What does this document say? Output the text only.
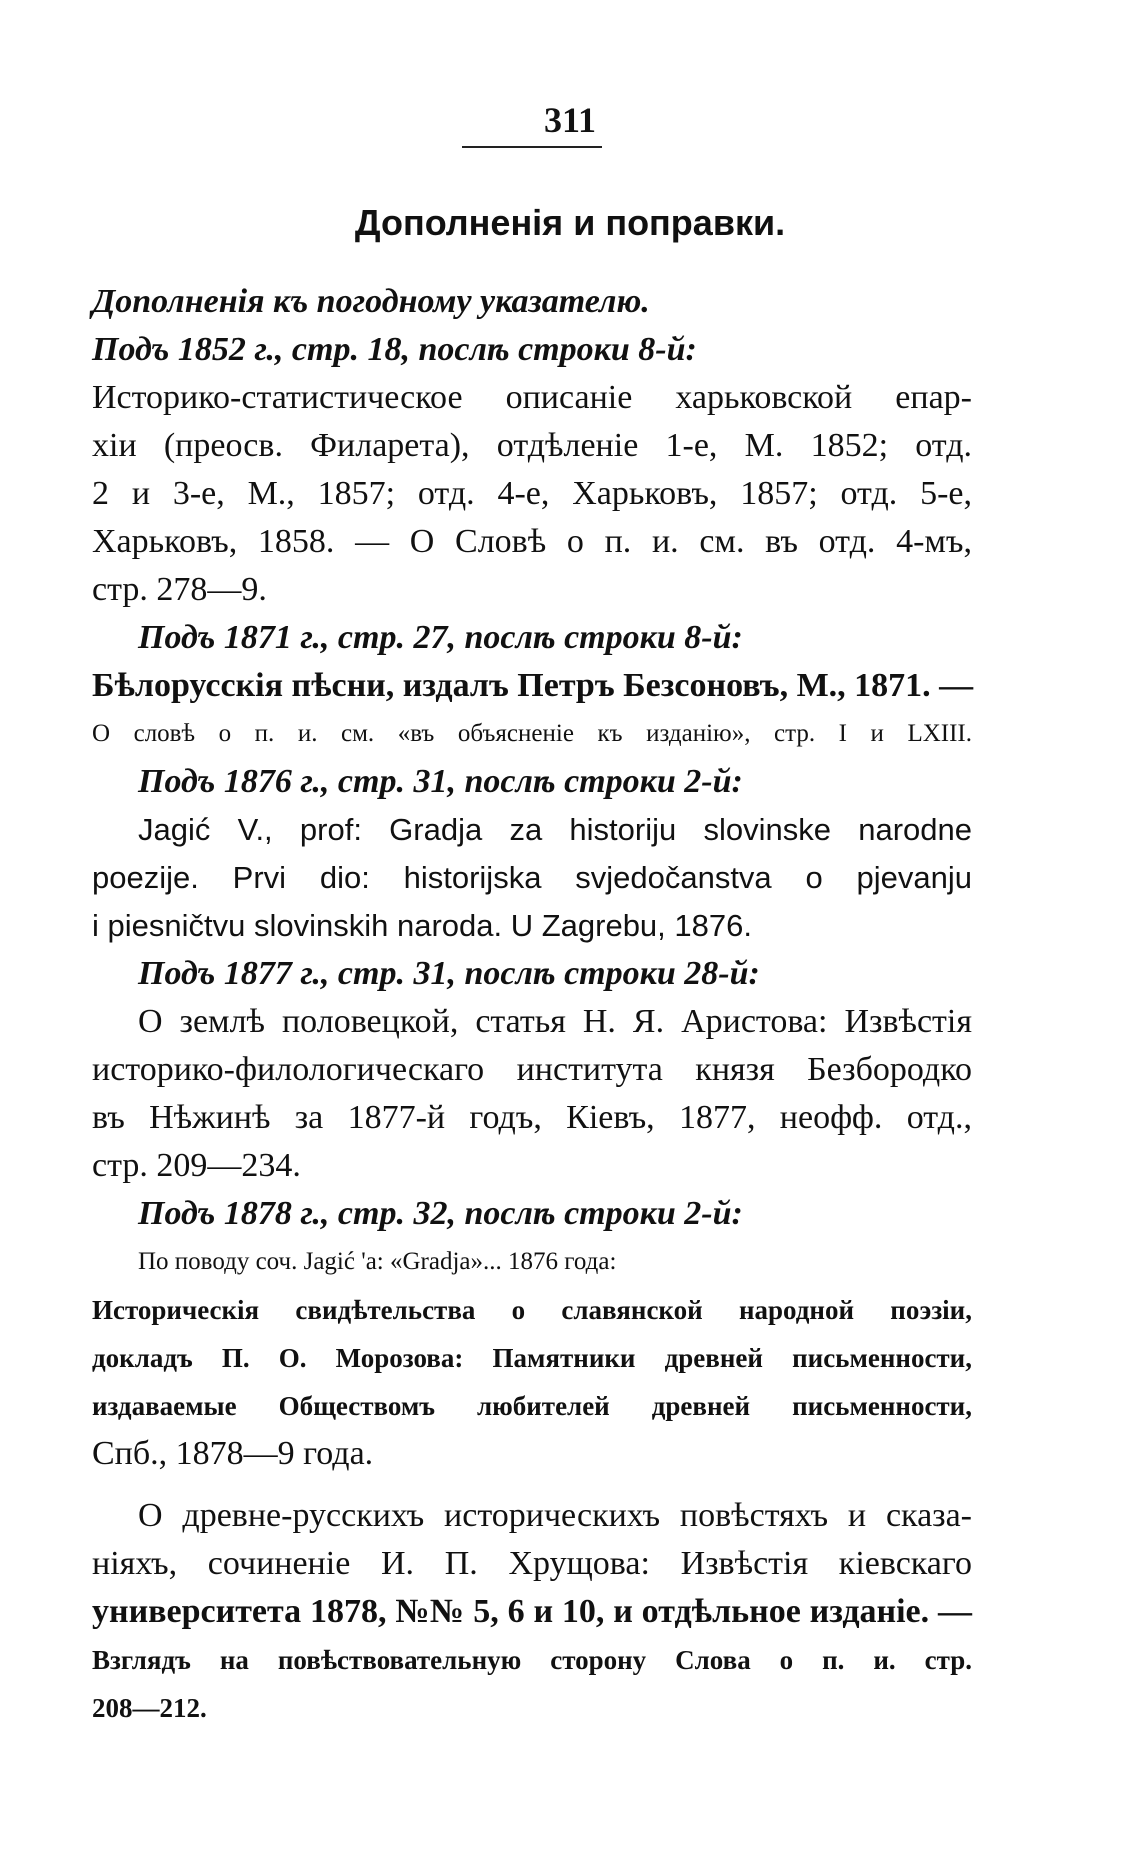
311
Дополненія и поправки.

Дополненія къ погодному указателю.

Подъ 1852 г., стр. 18, послѣ строки 8-й:

Историко-статистическое описаніе харьковской епар-

хіи (преосв. Филарета), отдѣленіе 1-е, М. 1852; отд.

2 и 3-е, М., 1857; отд. 4-е, Харьковъ, 1857; отд. 5-е,

Харьковъ, 1858. — О Словѣ о п. и. см. въ отд. 4-мъ,

стр. 278—9.

Подъ 1871 г., стр. 27, послѣ строки 8-й:

Бѣлорусскія пѣсни, издалъ Петръ Безсоновъ, М., 1871. —

О словѣ о п. и. см. «въ объясненіе къ изданію», стр. I и LXIII.

Подъ 1876 г., стр. 31, послѣ строки 2-й:

Jagić V., prof: Gradja za historiju slovinske narodne

poezije. Prvi dio: historijska svjedočanstva o pjevanju

i piesničtvu slovinskih naroda. U Zagrebu, 1876.

Подъ 1877 г., стр. 31, послѣ строки 28-й:

О землѣ половецкой, статья Н. Я. Аристова: Извѣстія

историко-филологическаго института князя Безбородко

въ Нѣжинѣ за 1877-й годъ, Кіевъ, 1877, неофф. отд.,

стр. 209—234.

Подъ 1878 г., стр. 32, послѣ строки 2-й:

По поводу соч. Jagić 'a: «Gradja»... 1876 года:

Историческія свидѣтельства о славянской народной поэзіи,

докладъ П. О. Морозова: Памятники древней письменности,

издаваемые Обществомъ любителей древней письменности,

Спб., 1878—9 года.

О древне-русскихъ историческихъ повѣстяхъ и сказа-

ніяхъ, сочиненіе И. П. Хрущова: Извѣстія кіевскаго

университета 1878, №№ 5, 6 и 10, и отдѣльное изданіе. —

Взглядъ на повѣствовательную сторону Слова о п. и. стр.

208—212.
